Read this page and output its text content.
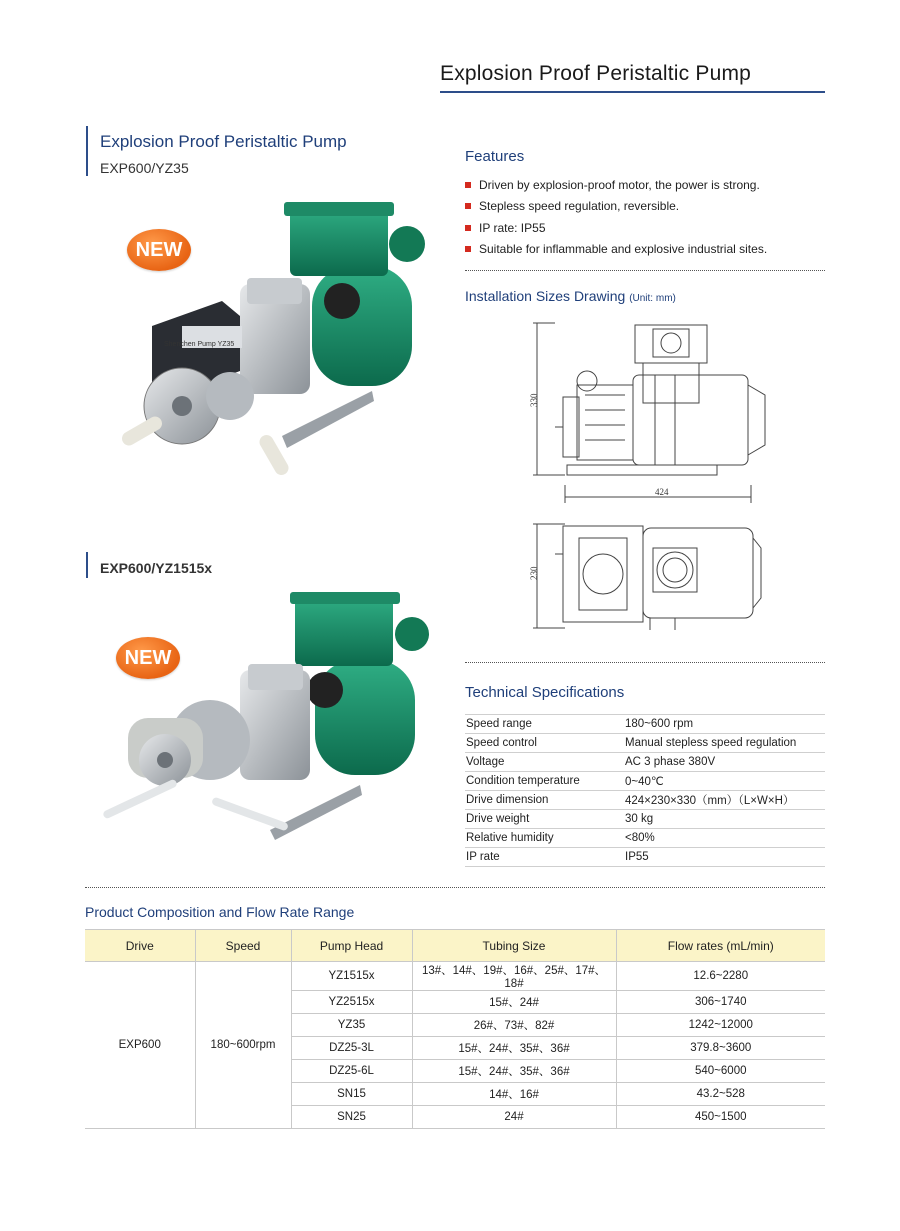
Explosion Proof Peristaltic Pump
Explosion Proof Peristaltic Pump
EXP600/YZ35
NEW
Shenchen Pump YZ35
EXP600/YZ1515x
NEW
Features
Driven by explosion-proof motor, the power is strong.
Stepless speed regulation, reversible.
IP rate: IP55
Suitable for inflammable and explosive industrial sites.
Installation Sizes Drawing (Unit: mm)
330
424
230
Technical Specifications
Speed range	180~600 rpm
Speed control	Manual stepless speed regulation
Voltage	AC 3 phase 380V
Condition temperature	0~40℃
Drive dimension	424×230×330（mm）（L×W×H）
Drive weight	30 kg
Relative humidity	<80%
IP rate	IP55
Product Composition and Flow Rate Range
Drive	Speed	Pump Head	Tubing Size	Flow rates (mL/min)
EXP600	180~600rpm	YZ1515x	13#、14#、19#、16#、25#、17#、18#	12.6~2280
		YZ2515x	15#、24#	306~1740
		YZ35	26#、73#、82#	1242~12000
		DZ25-3L	15#、24#、35#、36#	379.8~3600
		DZ25-6L	15#、24#、35#、36#	540~6000
		SN15	14#、16#	43.2~528
		SN25	24#	450~1500
